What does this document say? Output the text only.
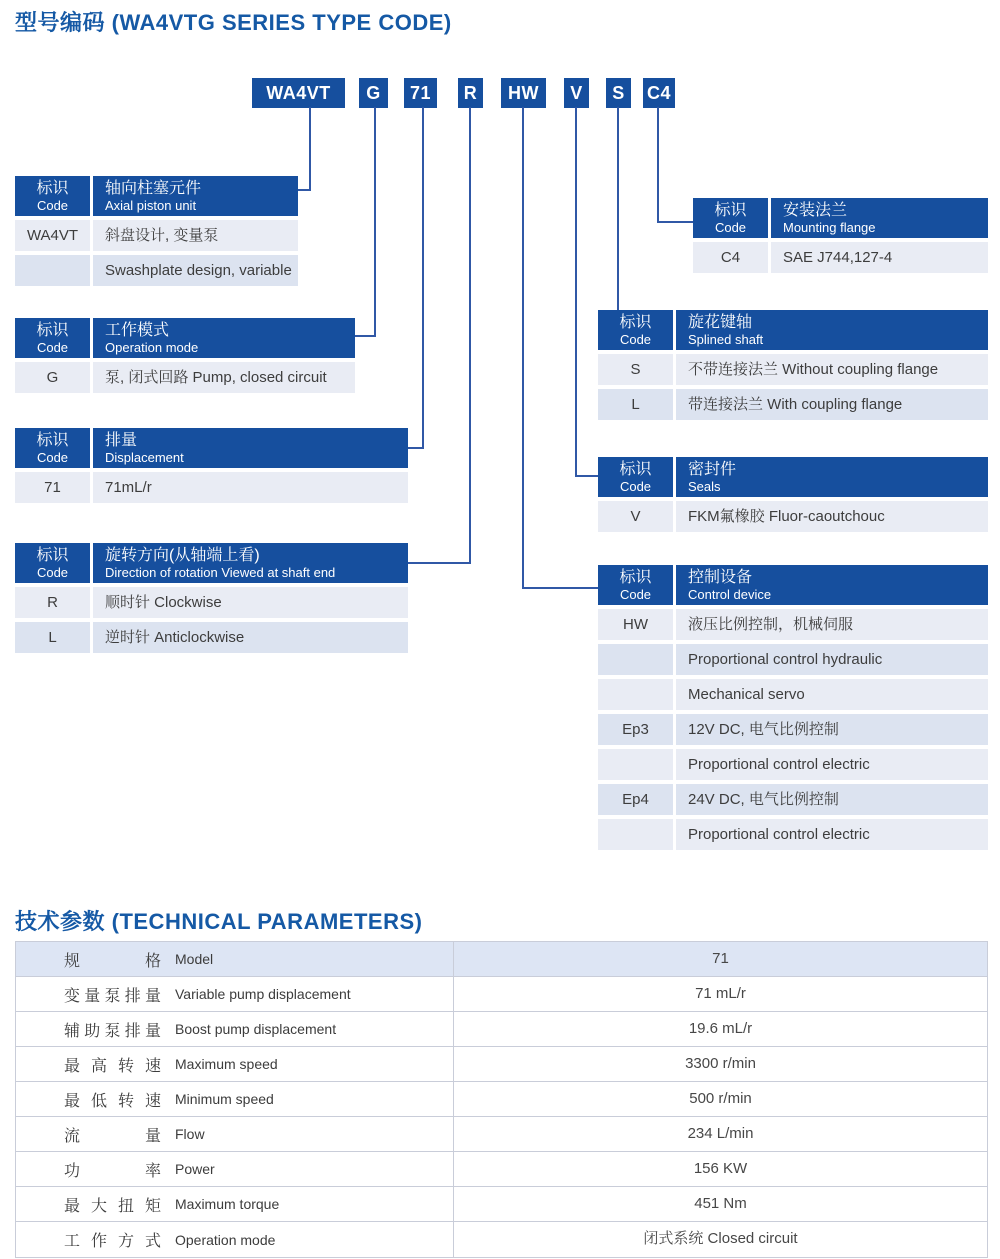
型号编码 (WA4VTG SERIES TYPE CODE)
WA4VT	G	71	R	HW	V	S	C4
标识
Code
轴向柱塞元件
Axial piston unit
WA4VT	斜盘设计, 变量泵
Swashplate design, variable
标识
Code
工作模式
Operation mode
G	泵, 闭式回路 Pump, closed circuit
标识
Code
排量
Displacement
71	71mL/r
标识
Code
旋转方向(从轴端上看)
Direction of rotation Viewed at shaft end
R	顺时针 Clockwise
L	逆时针 Anticlockwise
标识
Code
安装法兰
Mounting flange
C4	SAE J744,127-4
标识
Code
旋花键轴
Splined shaft
S	不带连接法兰 Without coupling flange
L	带连接法兰 With coupling flange
标识
Code
密封件
Seals
V	FKM氟橡胶 Fluor-caoutchouc
标识
Code
控制设备
Control device
HW	液压比例控制，机械伺服
Proportional control hydraulic
Mechanical servo
Ep3	12V DC, 电气比例控制
Proportional control electric
Ep4	24V DC, 电气比例控制
Proportional control electric
技术参数 (TECHNICAL PARAMETERS)
规 格 Model	71
变量泵排量 Variable pump displacement	71 mL/r
辅助泵排量 Boost pump displacement	19.6 mL/r
最高转速 Maximum speed	3300 r/min
最低转速 Minimum speed	500 r/min
流 量 Flow	234 L/min
功 率 Power	156 KW
最大扭矩 Maximum torque	451 Nm
工作方式 Operation mode	闭式系统 Closed circuit
